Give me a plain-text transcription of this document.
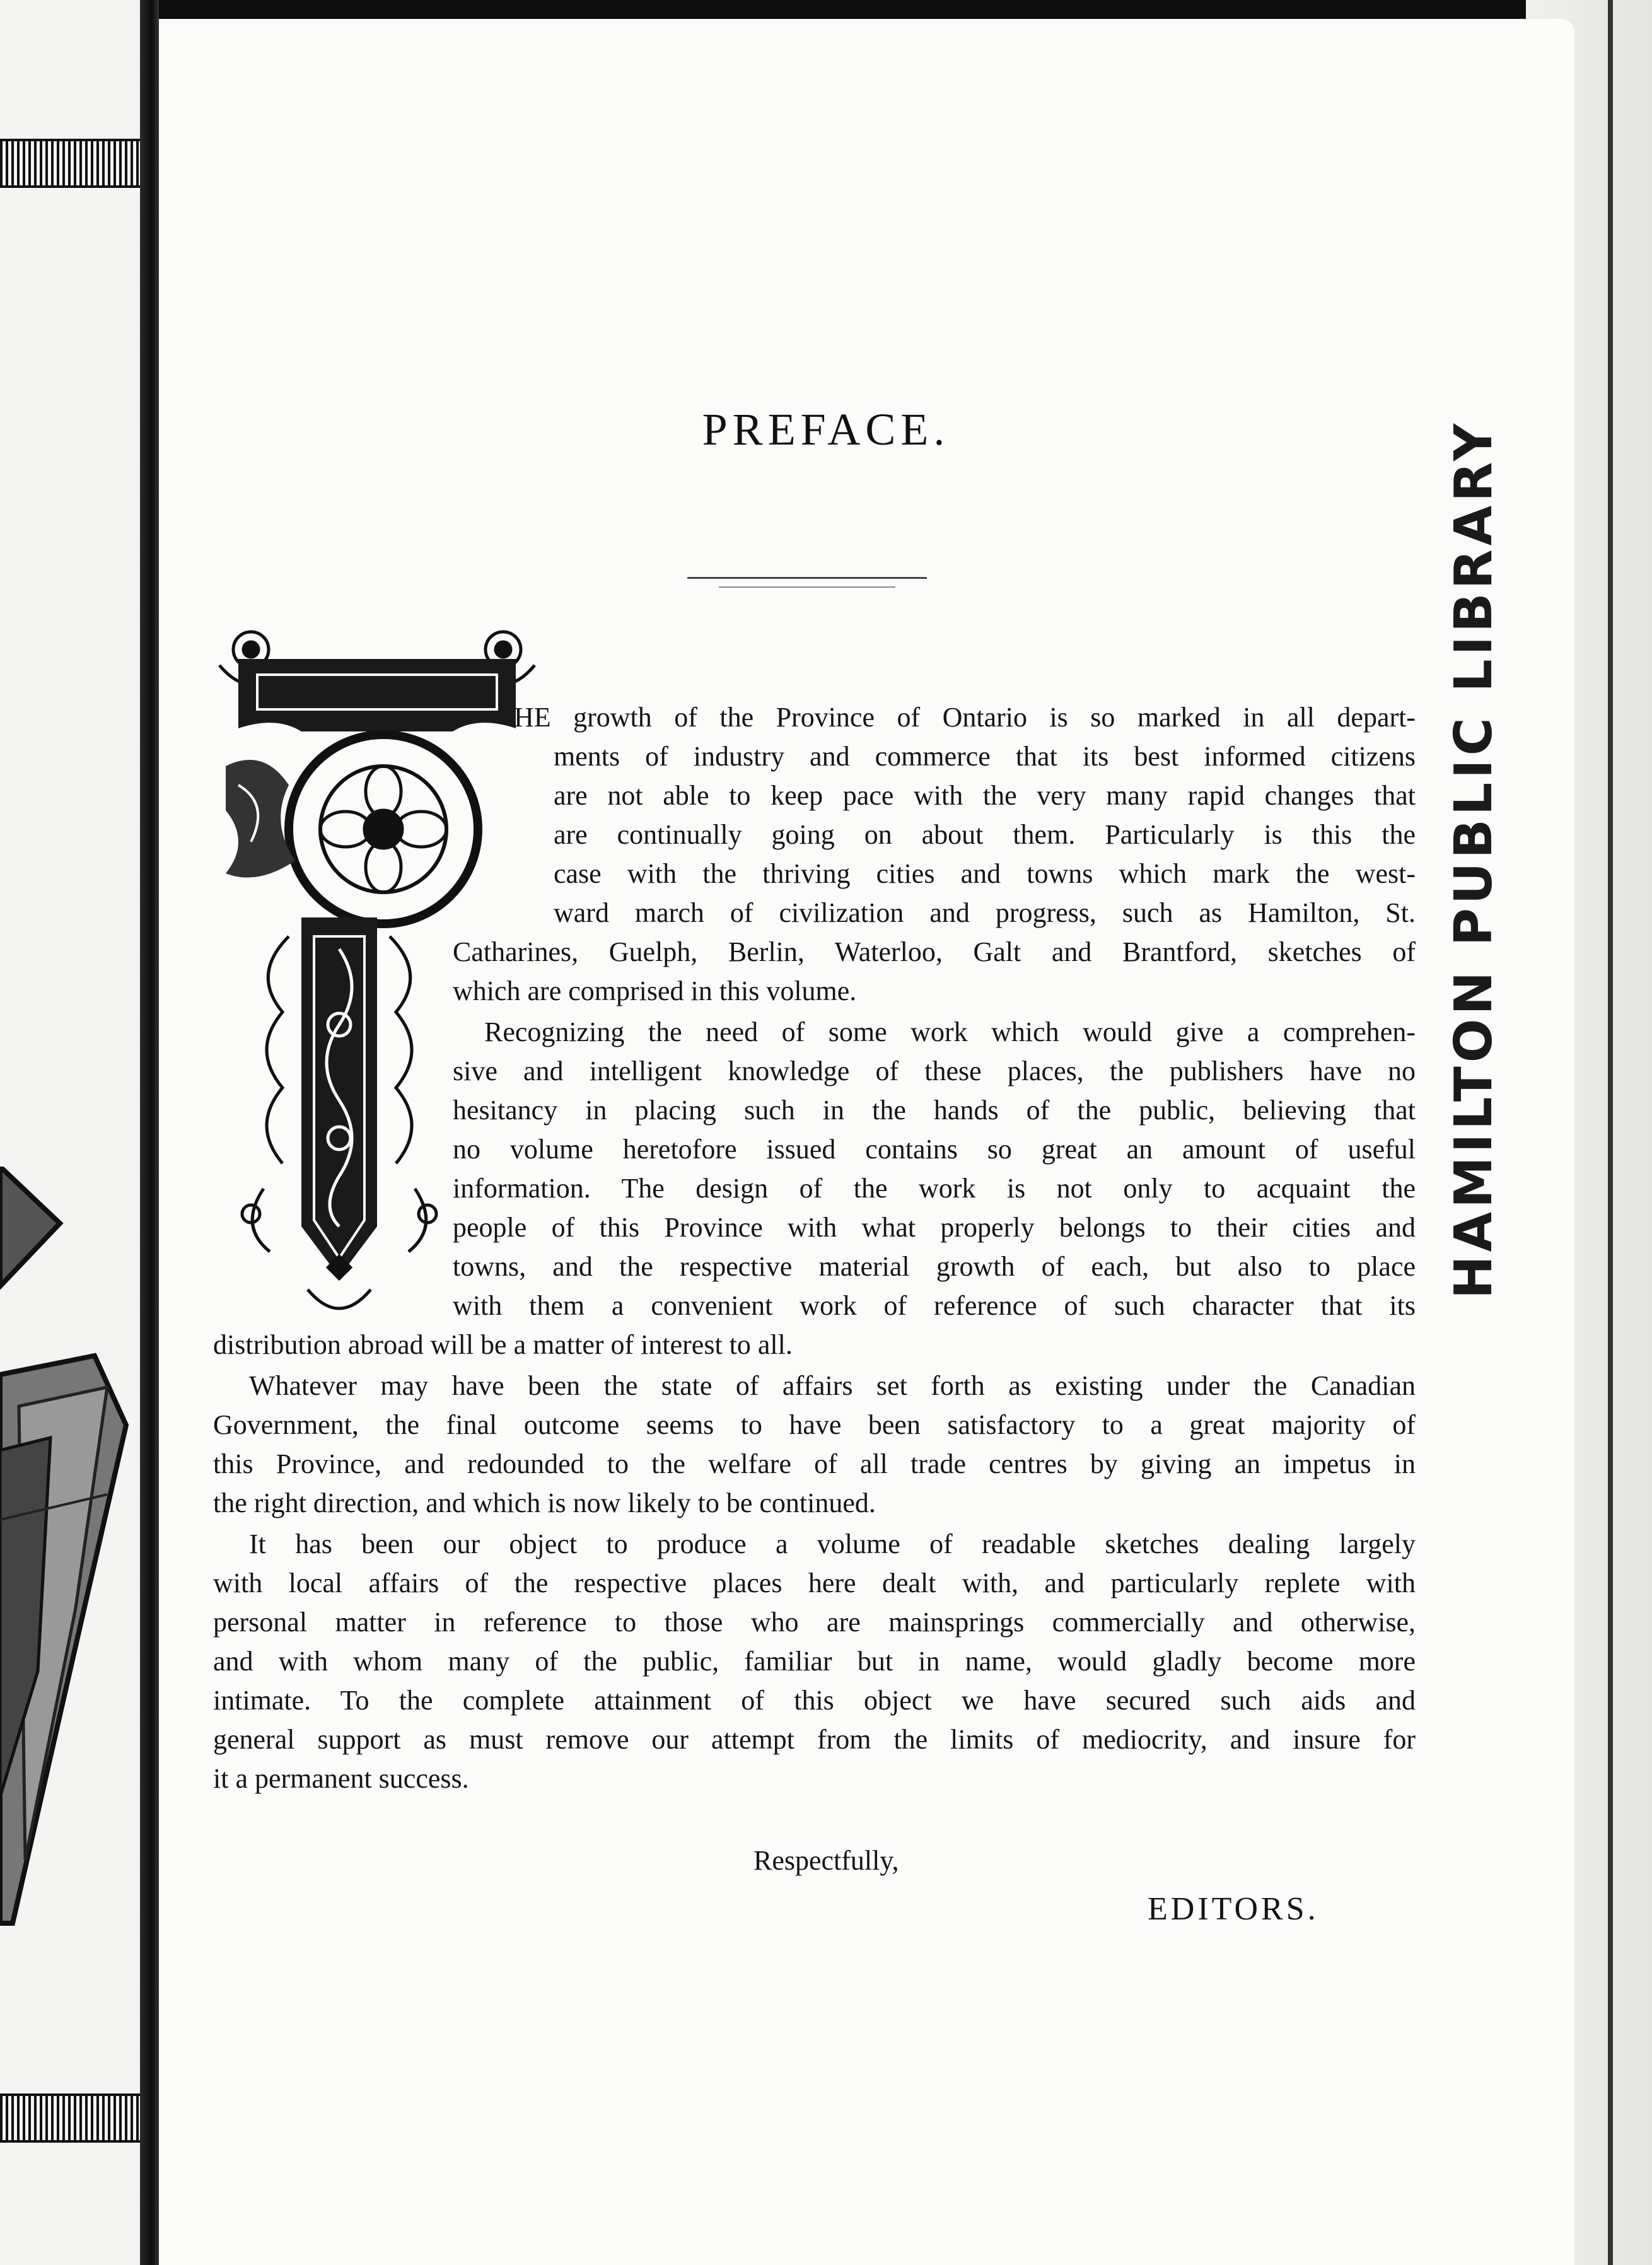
HAMILTON PUBLIC LIBRARY
PREFACE.

HE growth of the Province of Ontario is so marked in all depart-

ments of industry and commerce that its best informed citizens

are not able to keep pace with the very many rapid changes that

are continually going on about them. Particularly is this the

case with the thriving cities and towns which mark the west-

ward march of civilization and progress, such as Hamilton, St.

Catharines, Guelph, Berlin, Waterloo, Galt and Brantford, sketches of

which are comprised in this volume.

Recognizing the need of some work which would give a comprehen-

sive and intelligent knowledge of these places, the publishers have no

hesitancy in placing such in the hands of the public, believing that

no volume heretofore issued contains so great an amount of useful

information. The design of the work is not only to acquaint the

people of this Province with what properly belongs to their cities and

towns, and the respective material growth of each, but also to place

with them a convenient work of reference of such character that its

distribution abroad will be a matter of interest to all.

Whatever may have been the state of affairs set forth as existing under the Canadian

Government, the final outcome seems to have been satisfactory to a great majority of

this Province, and redounded to the welfare of all trade centres by giving an impetus in

the right direction, and which is now likely to be continued.

It has been our object to produce a volume of readable sketches dealing largely

with local affairs of the respective places here dealt with, and particularly replete with

personal matter in reference to those who are mainsprings commercially and otherwise,

and with whom many of the public, familiar but in name, would gladly become more

intimate. To the complete attainment of this object we have secured such aids and

general support as must remove our attempt from the limits of mediocrity, and insure for

it a permanent success.

Respectfully,

EDITORS.
